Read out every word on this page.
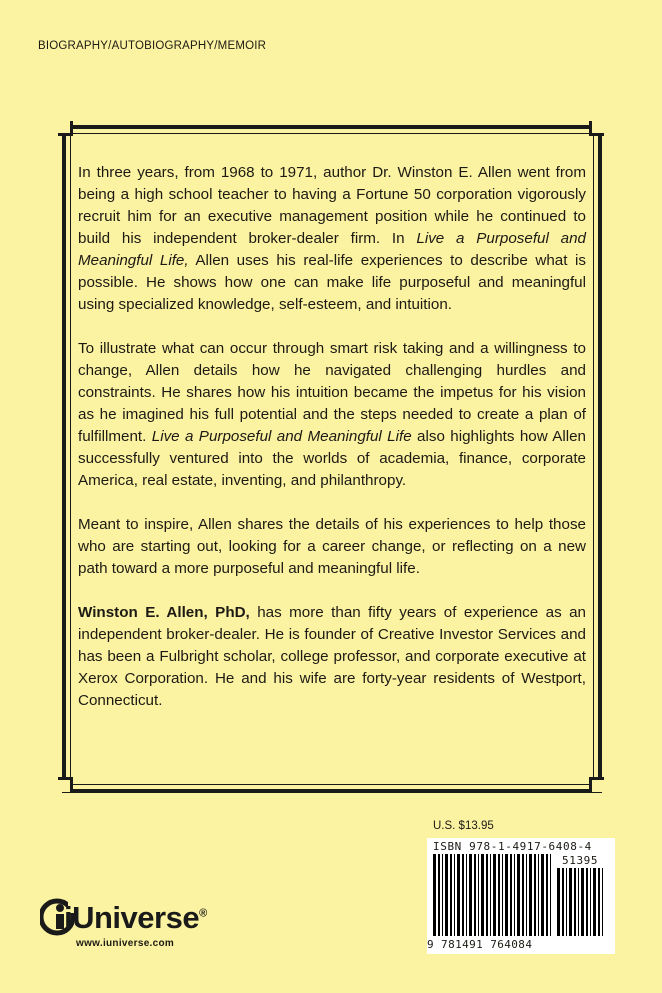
BIOGRAPHY/AUTOBIOGRAPHY/MEMOIR

In three years, from 1968 to 1971, author Dr. Winston E. Allen went from being a high school teacher to having a Fortune 50 corporation vigorously recruit him for an executive management position while he continued to build his independent broker-dealer firm. In Live a Purposeful and Meaningful Life, Allen uses his real-life experiences to describe what is possible. He shows how one can make life purposeful and meaningful using specialized knowledge, self-esteem, and intuition.

To illustrate what can occur through smart risk taking and a willingness to change, Allen details how he navigated challenging hurdles and constraints. He shares how his intuition became the impetus for his vision as he imagined his full potential and the steps needed to create a plan of fulfillment. Live a Purposeful and Meaningful Life also highlights how Allen successfully ventured into the worlds of academia, finance, corporate America, real estate, inventing, and philanthropy.

Meant to inspire, Allen shares the details of his experiences to help those who are starting out, looking for a career change, or reflecting on a new path toward a more purposeful and meaningful life.

Winston E. Allen, PhD, has more than fifty years of experience as an independent broker-dealer. He is founder of Creative Investor Services and has been a Fulbright scholar, college professor, and corporate executive at Xerox Corporation. He and his wife are forty-year residents of Westport, Connecticut.

U.S. $13.95
ISBN 978-1-4917-6408-4
51395
9 781491 764084
iUniverse®
www.iuniverse.com
